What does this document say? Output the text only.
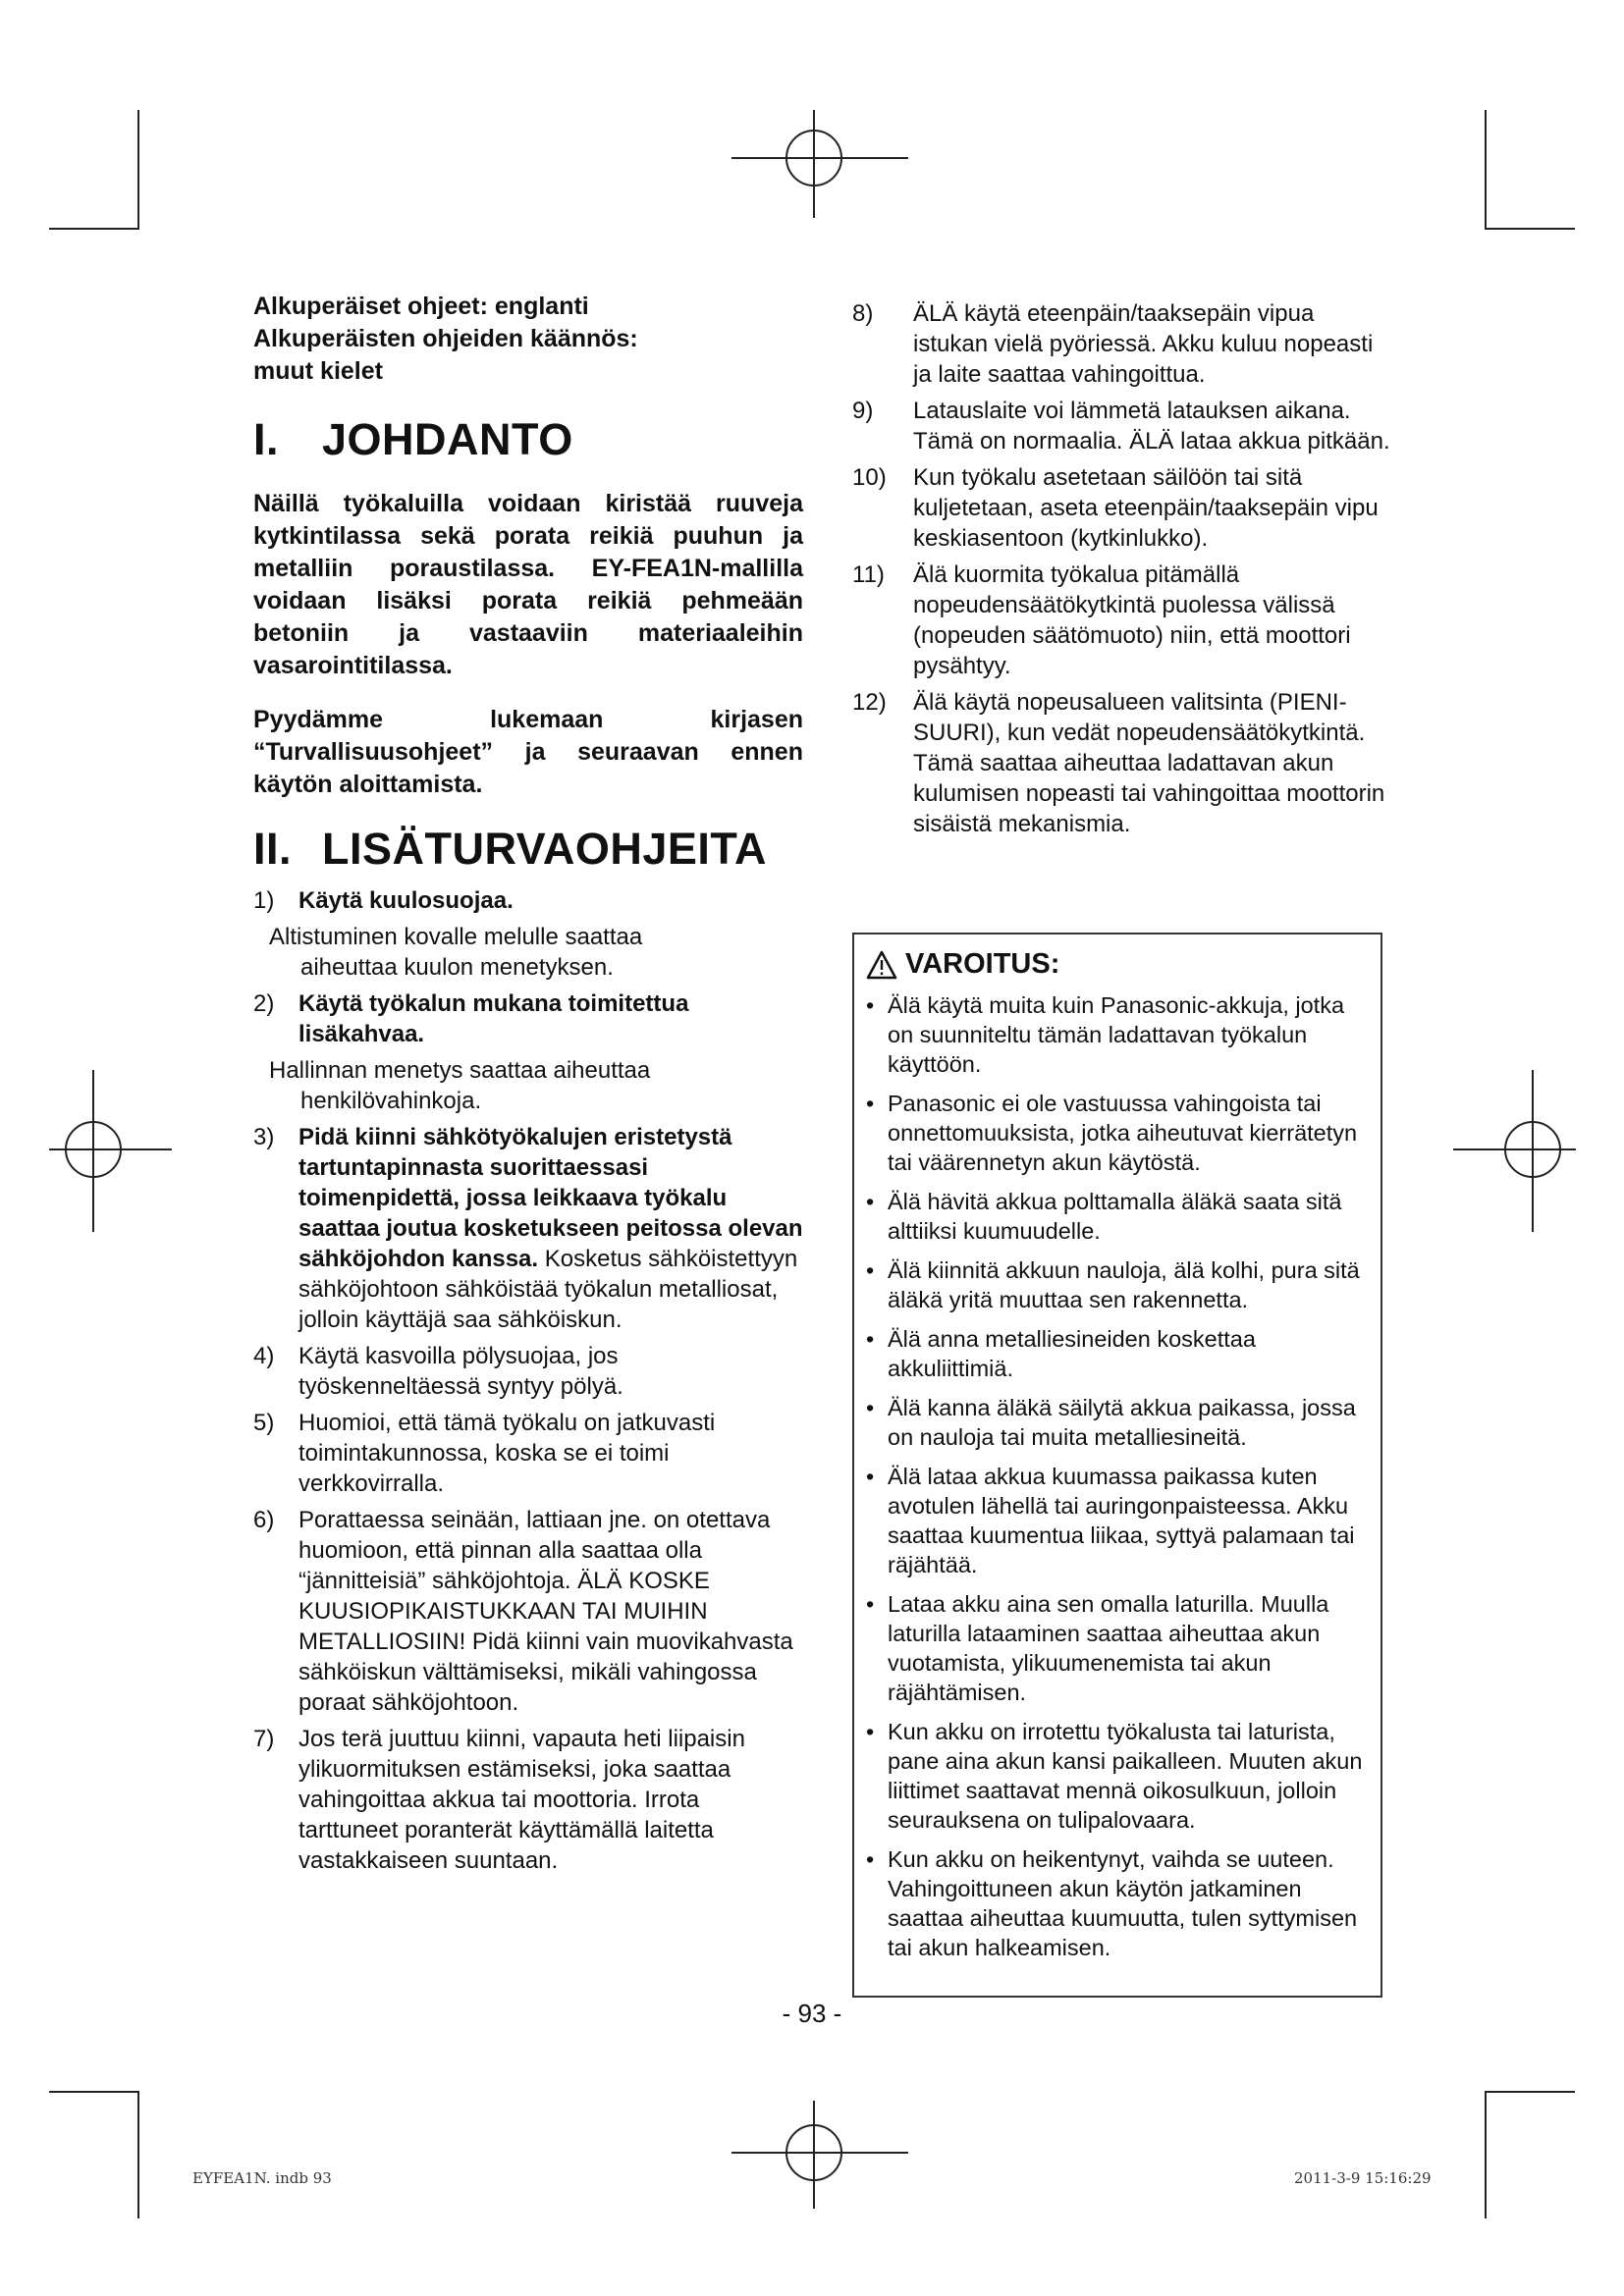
Alkuperäiset ohjeet: englanti
Alkuperäisten ohjeiden käännös:
muut kielet
I. JOHDANTO

Näillä työkaluilla voidaan kiristää ruuveja kytkintilassa sekä porata reikiä puuhun ja metalliin poraustilassa. EY-FEA1N-mallilla voidaan lisäksi porata reikiä pehmeään betoniin ja vastaaviin materiaaleihin vasarointitilassa.

Pyydämme lukemaan kirjasen “Turvallisuusohjeet” ja seuraavan ennen käytön aloittamista.

II. LISÄTURVAOHJEITA
1)	Käytä kuulosuojaa.
Altistuminen kovalle melulle saattaa
aiheuttaa kuulon menetyksen.
2)	Käytä työkalun mukana toimitettua lisäkahvaa.
Hallinnan menetys saattaa aiheuttaa
henkilövahinkoja.
3)	Pidä kiinni sähkötyökalujen eristetystä tartuntapinnasta suorittaessasi toimenpidettä, jossa leikkaava työkalu saattaa joutua kosketukseen peitossa olevan sähköjohdon kanssa. Kosketus sähköistettyyn sähköjohtoon sähköistää työkalun metalliosat, jolloin käyttäjä saa sähköiskun.
4)	Käytä kasvoilla pölysuojaa, jos työskenneltäessä syntyy pölyä.
5)	Huomioi, että tämä työkalu on jatkuvasti toimintakunnossa, koska se ei toimi verkkovirralla.
6)	Porattaessa seinään, lattiaan jne. on otettava huomioon, että pinnan alla saattaa olla “jännitteisiä” sähköjohtoja. ÄLÄ KOSKE KUUSIOPIKAISTUKKAAN TAI MUIHIN METALLIOSIIN! Pidä kiinni vain muovikahvasta sähköiskun välttämiseksi, mikäli vahingossa poraat sähköjohtoon.
7)	Jos terä juuttuu kiinni, vapauta heti liipaisin ylikuormituksen estämiseksi, joka saattaa vahingoittaa akkua tai moottoria. Irrota tarttuneet poranterät käyttämällä laitetta vastakkaiseen suuntaan.
8)	ÄLÄ käytä eteenpäin/taaksepäin vipua istukan vielä pyöriessä. Akku kuluu nopeasti ja laite saattaa vahingoittua.
9)	Latauslaite voi lämmetä latauksen aikana. Tämä on normaalia. ÄLÄ lataa akkua pitkään.
10)	Kun työkalu asetetaan säilöön tai sitä kuljetetaan, aseta eteenpäin/taaksepäin vipu keskiasentoon (kytkinlukko).
11)	Älä kuormita työkalua pitämällä nopeudensäätökytkintä puolessa välissä (nopeuden säätömuoto) niin, että moottori pysähtyy.
12)	Älä käytä nopeusalueen valitsinta (PIENI-SUURI), kun vedät nopeudensäätökytkintä. Tämä saattaa aiheuttaa ladattavan akun kulumisen nopeasti tai vahingoittaa moottorin sisäistä mekanismia.
VAROITUS:
• Älä käytä muita kuin Panasonic-akkuja, jotka on suunniteltu tämän ladattavan työkalun käyttöön.
• Panasonic ei ole vastuussa vahingoista tai onnettomuuksista, jotka aiheutuvat kierrätetyn tai väärennetyn akun käytöstä.
• Älä hävitä akkua polttamalla äläkä saata sitä alttiiksi kuumuudelle.
• Älä kiinnitä akkuun nauloja, älä kolhi, pura sitä äläkä yritä muuttaa sen rakennetta.
• Älä anna metalliesineiden koskettaa akkuliittimiä.
• Älä kanna äläkä säilytä akkua paikassa, jossa on nauloja tai muita metalliesineitä.
• Älä lataa akkua kuumassa paikassa kuten avotulen lähellä tai auringonpaisteessa. Akku saattaa kuumentua liikaa, syttyä palamaan tai räjähtää.
• Lataa akku aina sen omalla laturilla. Muulla laturilla lataaminen saattaa aiheuttaa akun vuotamista, ylikuumenemista tai akun räjähtämisen.
• Kun akku on irrotettu työkalusta tai laturista, pane aina akun kansi paikalleen. Muuten akun liittimet saattavat mennä oikosulkuun, jolloin seurauksena on tulipalovaara.
• Kun akku on heikentynyt, vaihda se uuteen. Vahingoittuneen akun käytön jatkaminen saattaa aiheuttaa kuumuutta, tulen syttymisen tai akun halkeamisen.
- 93 -
EYFEA1N. indb 93	2011-3-9 15:16:29
